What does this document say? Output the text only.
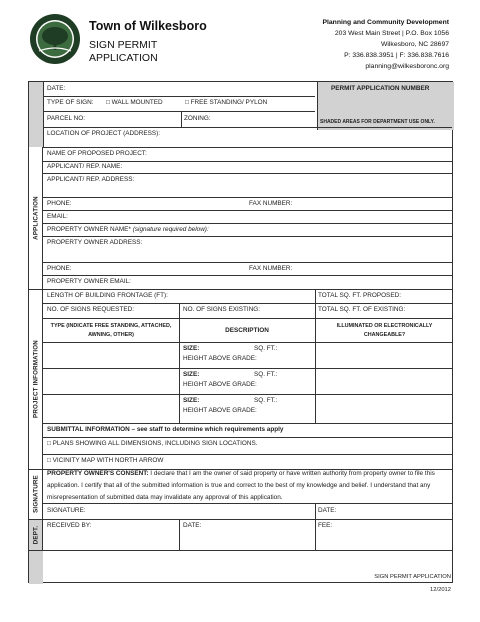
Town of Wilkesboro
SIGN PERMIT
APPLICATION
Planning and Community Development
203 West Main Street | P.O. Box 1056
Wilkesboro, NC 28697
P: 336.838.3951 | F: 336.838.7616
planning@wilkesboronc.org
APPLICATION
PROJECT INFORMATION
SIGNATURE
DEPT.
DATE:	PERMIT APPLICATION NUMBER
TYPE OF SIGN: □ WALL MOUNTED	□ FREE STANDING/ PYLON
PARCEL NO:	ZONING:	SHADED AREAS FOR DEPARTMENT USE ONLY.
LOCATION OF PROJECT (ADDRESS):
NAME OF PROPOSED PROJECT:
APPLICANT/ REP. NAME:
APPLICANT/ REP. ADDRESS:
PHONE:	FAX NUMBER:
EMAIL:
PROPERTY OWNER NAME* (signature required below):
PROPERTY OWNER ADDRESS:
PHONE:	FAX NUMBER:
PROPERTY OWNER EMAIL:
LENGTH OF BUILDING FRONTAGE (FT):	TOTAL SQ. FT. PROPOSED:
NO. OF SIGNS REQUESTED:	NO. OF SIGNS EXISTING:	TOTAL SQ. FT. OF EXISTING:
TYPE (INDICATE FREE STANDING, ATTACHED,
AWNING, OTHER)
DESCRIPTION
ILLUMINATED OR ELECTRONICALLY
CHANGEABLE?
SIZE:	SQ. FT.:
HEIGHT ABOVE GRADE:
SIZE:	SQ. FT.:
HEIGHT ABOVE GRADE:
SIZE:	SQ. FT.:
HEIGHT ABOVE GRADE:
SUBMITTAL INFORMATION – see staff to determine which requirements apply
□ PLANS SHOWING ALL DIMENSIONS, INCLUDING SIGN LOCATIONS.
□ VICINITY MAP WITH NORTH ARROW
PROPERTY OWNER'S CONSENT: I declare that I am the owner of said property or have written authority from property owner to file this application. I certify that all of the submitted information is true and correct to the best of my knowledge and belief. I understand that any misrepresentation of submitted data may invalidate any approval of this application.
SIGNATURE:	DATE:
RECEIVED BY:	DATE:	FEE:
SIGN PERMIT APPLICATION
12/2012
